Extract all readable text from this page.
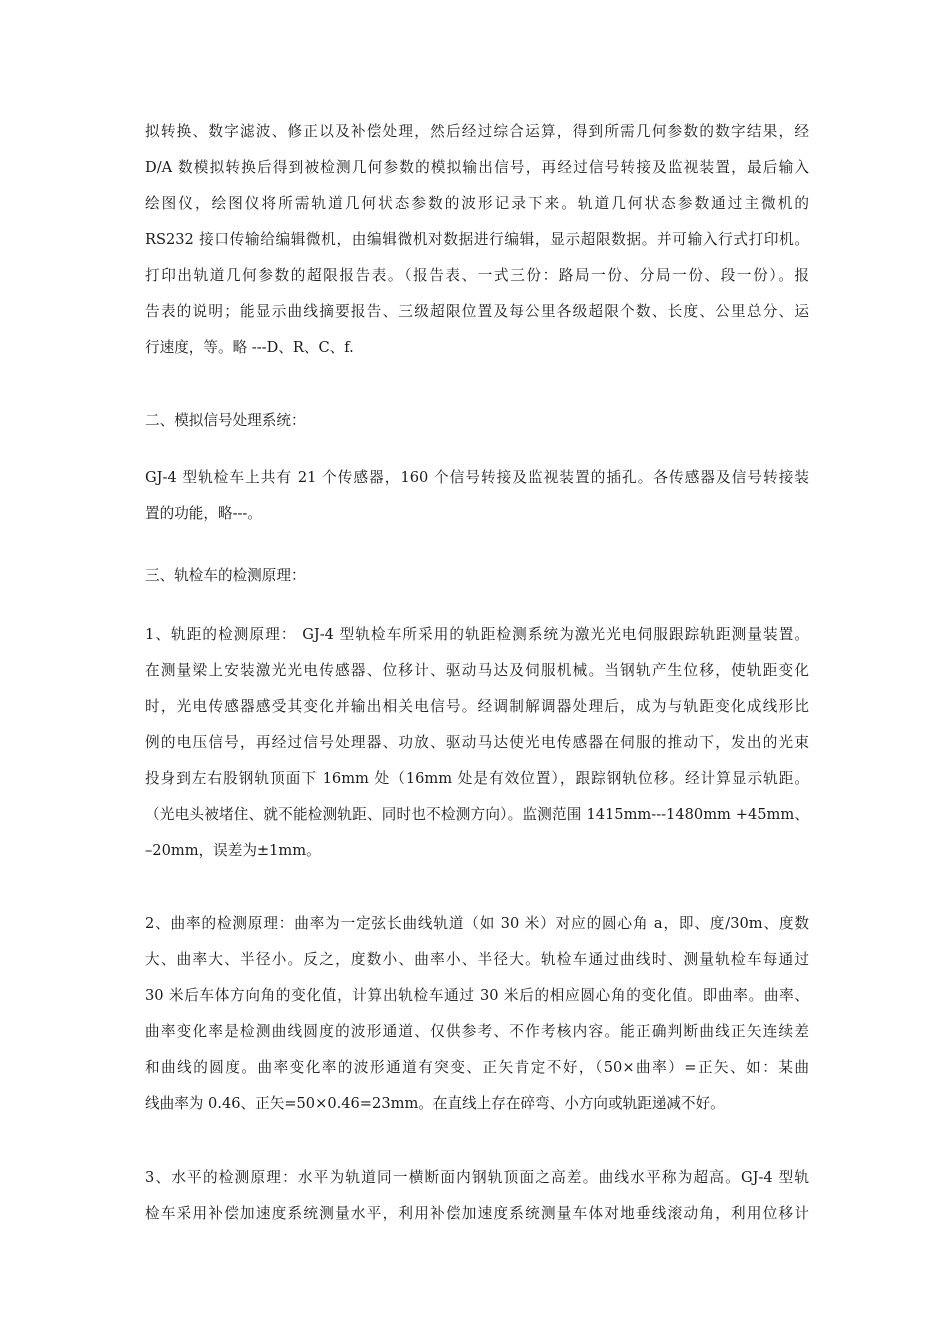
拟转换、数字滤波、修正以及补偿处理，然后经过综合运算，得到所需几何参数的数字结果，经
D/A 数模拟转换后得到被检测几何参数的模拟输出信号，再经过信号转接及监视装置，最后输入
绘图仪，绘图仪将所需轨道几何状态参数的波形记录下来。轨道几何状态参数通过主微机的
RS232 接口传输给编辑微机，由编辑微机对数据进行编辑，显示超限数据。并可输入行式打印机。
打印出轨道几何参数的超限报告表。（报告表、一式三份：路局一份、分局一份、段一份）。报
告表的说明；能显示曲线摘要报告、三级超限位置及每公里各级超限个数、长度、公里总分、运
行速度，等。略 ---D、R、C、f.
二、模拟信号处理系统：
GJ-4 型轨检车上共有 21 个传感器，160 个信号转接及监视装置的插孔。各传感器及信号转接装
置的功能，略---。
三、轨检车的检测原理：
1、轨距的检测原理： GJ-4 型轨检车所采用的轨距检测系统为激光光电伺服跟踪轨距测量装置。
在测量梁上安装激光光电传感器、位移计、驱动马达及伺服机械。当钢轨产生位移，使轨距变化
时，光电传感器感受其变化并输出相关电信号。经调制解调器处理后，成为与轨距变化成线形比
例的电压信号，再经过信号处理器、功放、驱动马达使光电传感器在伺服的推动下，发出的光束
投身到左右股钢轨顶面下 16mm 处（16mm 处是有效位置），跟踪钢轨位移。经计算显示轨距。
（光电头被堵住、就不能检测轨距、同时也不检测方向）。监测范围 1415mm---1480mm +45mm、
–20mm，误差为±1mm。
2、曲率的检测原理：曲率为一定弦长曲线轨道（如 30 米）对应的圆心角 a，即、度/30m、度数
大、曲率大、半径小。反之，度数小、曲率小、半径大。轨检车通过曲线时、测量轨检车每通过
30 米后车体方向角的变化值，计算出轨检车通过 30 米后的相应圆心角的变化值。即曲率。曲率、
曲率变化率是检测曲线圆度的波形通道、仅供参考、不作考核内容。能正确判断曲线正矢连续差
和曲线的圆度。曲率变化率的波形通道有突变、正矢肯定不好，（50×曲率）=正矢、如：某曲
线曲率为 0.46、正矢=50×0.46=23mm。在直线上存在碎弯、小方向或轨距递减不好。
3、水平的检测原理：水平为轨道同一横断面内钢轨顶面之高差。曲线水平称为超高。GJ-4 型轨
检车采用补偿加速度系统测量水平，利用补偿加速度系统测量车体对地垂线滚动角，利用位移计
